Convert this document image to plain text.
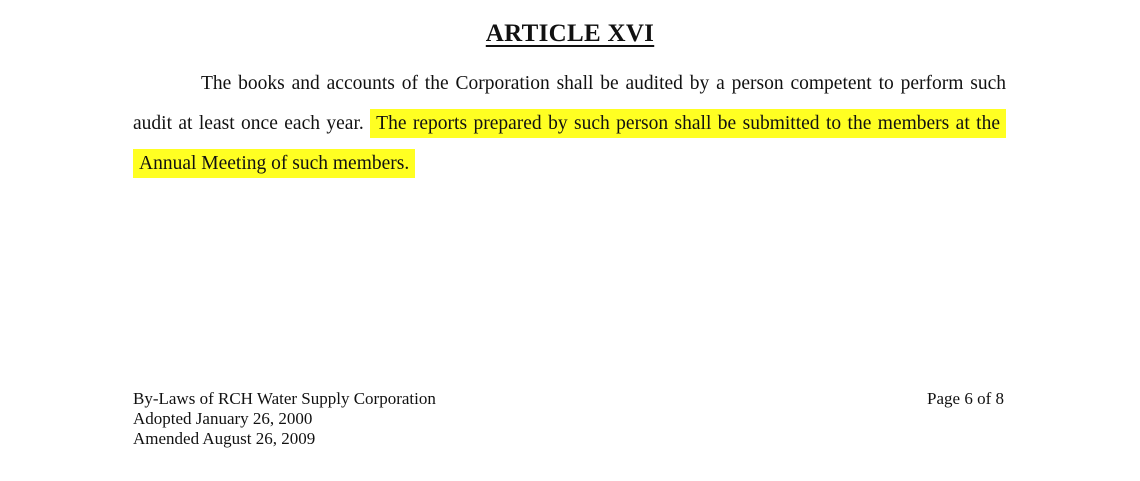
ARTICLE XVI

The books and accounts of the Corporation shall be audited by a person competent to perform such audit at least once each year. The reports prepared by such person shall be submitted to the members at the Annual Meeting of such members.

By-Laws of RCH Water Supply Corporation
Adopted January 26, 2000
Amended August 26, 2009
Page 6 of 8
